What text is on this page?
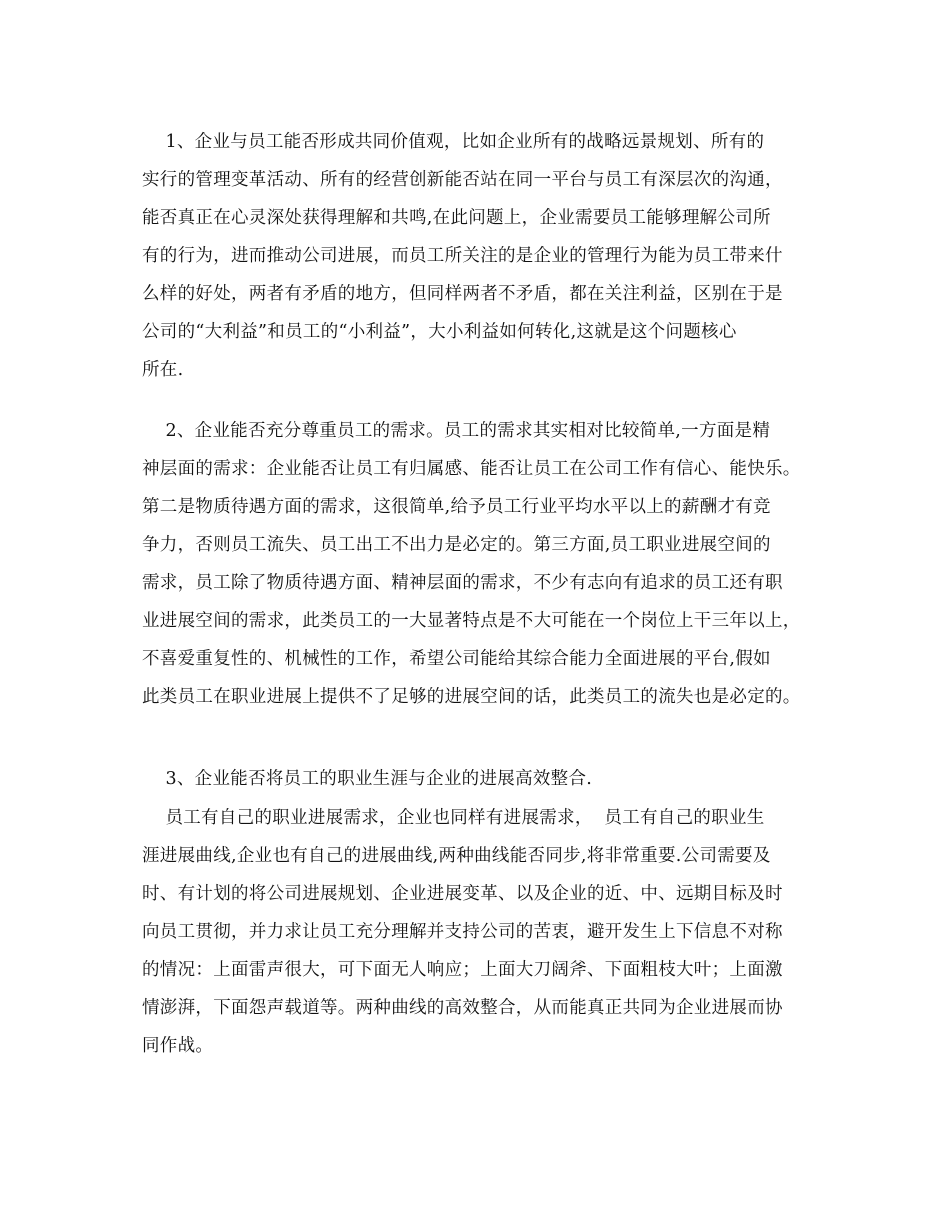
1、企业与员工能否形成共同价值观，比如企业所有的战略远景规划、所有的
实行的管理变革活动、所有的经营创新能否站在同一平台与员工有深层次的沟通，
能否真正在心灵深处获得理解和共鸣,在此问题上，企业需要员工能够理解公司所
有的行为，进而推动公司进展，而员工所关注的是企业的管理行为能为员工带来什
么样的好处，两者有矛盾的地方，但同样两者不矛盾，都在关注利益，区别在于是
公司的“大利益”和员工的“小利益”，大小利益如何转化,这就是这个问题核心
所在.
2、企业能否充分尊重员工的需求。员工的需求其实相对比较简单,一方面是精
神层面的需求：企业能否让员工有归属感、能否让员工在公司工作有信心、能快乐。
第二是物质待遇方面的需求，这很简单,给予员工行业平均水平以上的薪酬才有竞
争力，否则员工流失、员工出工不出力是必定的。第三方面,员工职业进展空间的
需求，员工除了物质待遇方面、精神层面的需求，不少有志向有追求的员工还有职
业进展空间的需求，此类员工的一大显著特点是不大可能在一个岗位上干三年以上，
不喜爱重复性的、机械性的工作，希望公司能给其综合能力全面进展的平台,假如
此类员工在职业进展上提供不了足够的进展空间的话，此类员工的流失也是必定的。
3、企业能否将员工的职业生涯与企业的进展高效整合.
员工有自己的职业进展需求，企业也同样有进展需求，  员工有自己的职业生
涯进展曲线,企业也有自己的进展曲线,两种曲线能否同步,将非常重要.公司需要及
时、有计划的将公司进展规划、企业进展变革、以及企业的近、中、远期目标及时
向员工贯彻，并力求让员工充分理解并支持公司的苦衷，避开发生上下信息不对称
的情况：上面雷声很大，可下面无人响应；上面大刀阔斧、下面粗枝大叶；上面激
情澎湃，下面怨声载道等。两种曲线的高效整合，从而能真正共同为企业进展而协
同作战。
